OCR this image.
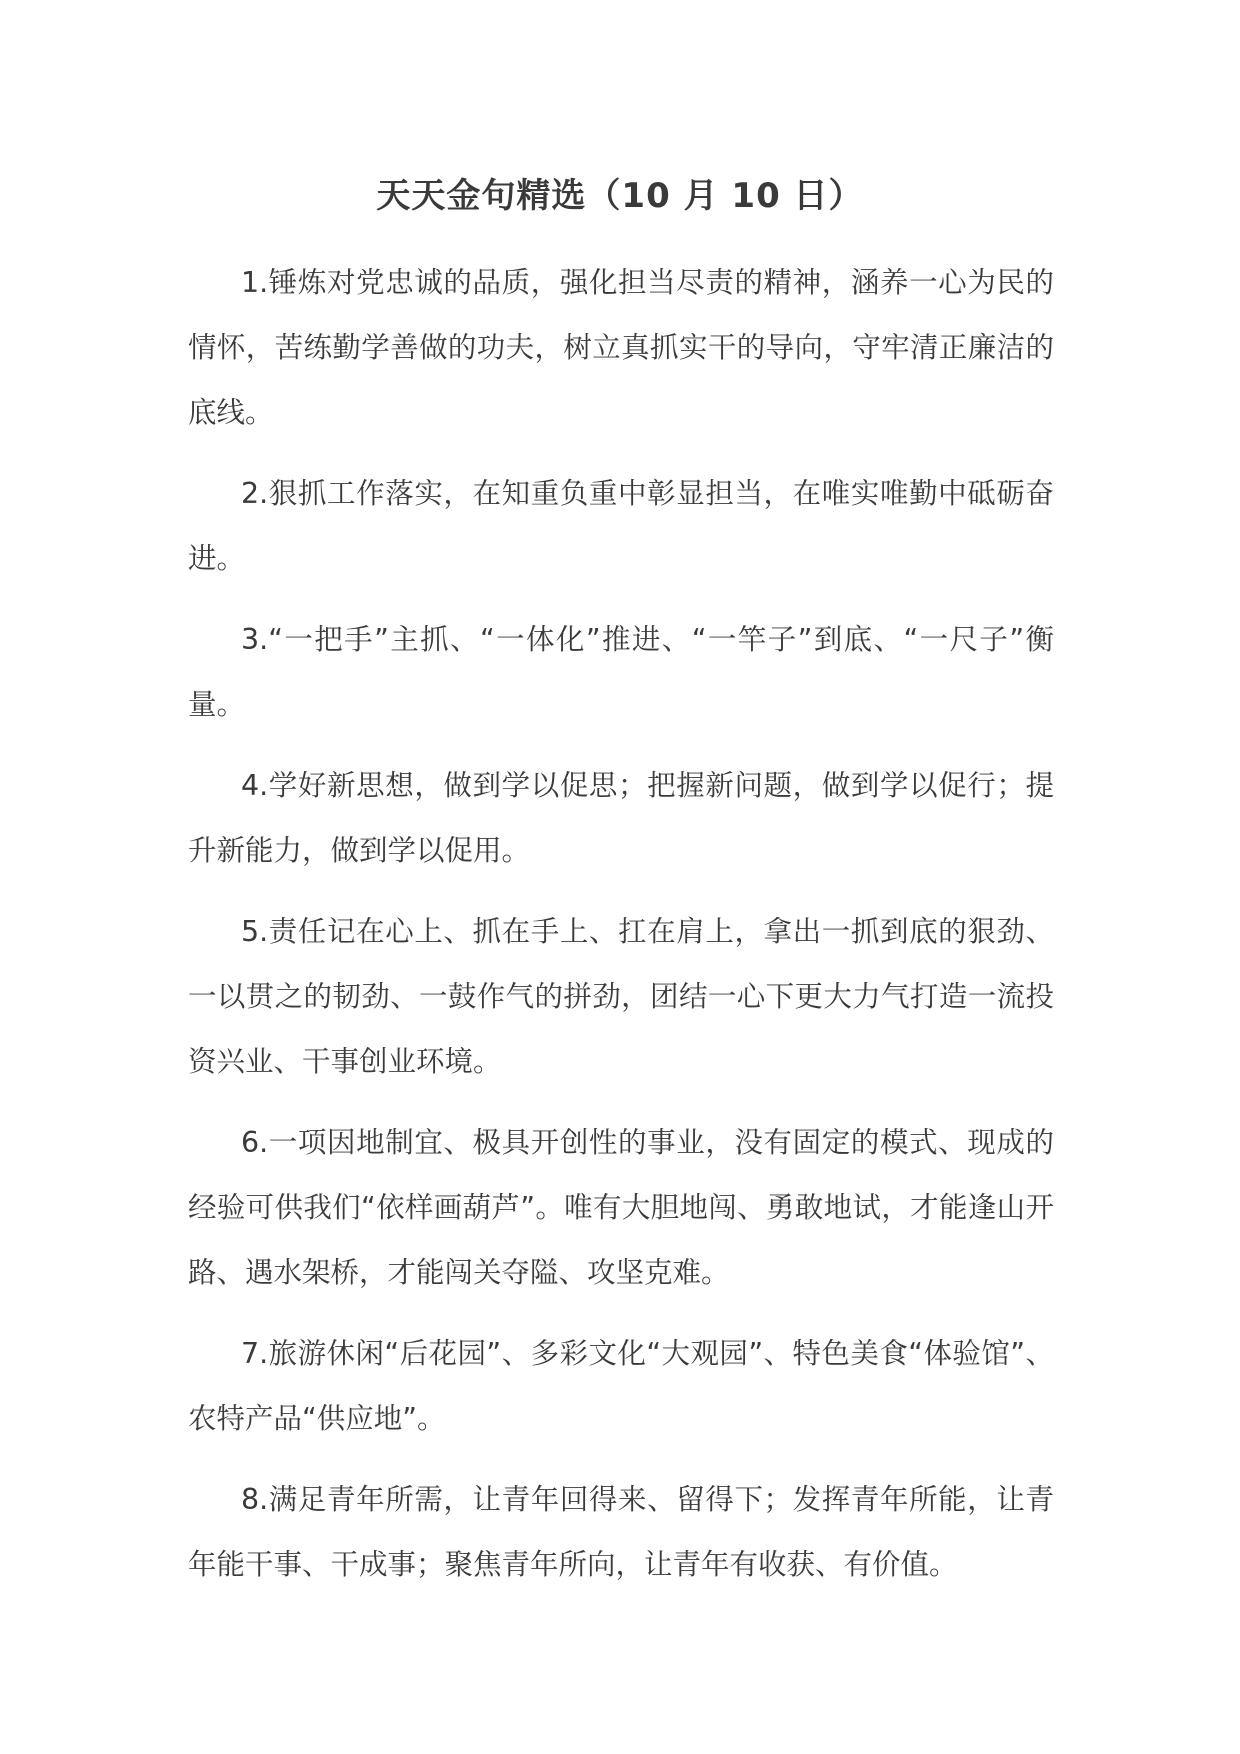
天天金句精选（10 月 10 日）

1.锤炼对党忠诚的品质，强化担当尽责的精神，涵养一心为民的情怀，苦练勤学善做的功夫，树立真抓实干的导向，守牢清正廉洁的底线。

2.狠抓工作落实，在知重负重中彰显担当，在唯实唯勤中砥砺奋进。

3.“一把手”主抓、“一体化”推进、“一竿子”到底、“一尺子”衡量。

4.学好新思想，做到学以促思；把握新问题，做到学以促行；提升新能力，做到学以促用。

5.责任记在心上、抓在手上、扛在肩上，拿出一抓到底的狠劲、一以贯之的韧劲、一鼓作气的拼劲，团结一心下更大力气打造一流投资兴业、干事创业环境。

6.一项因地制宜、极具开创性的事业，没有固定的模式、现成的经验可供我们“依样画葫芦”。唯有大胆地闯、勇敢地试，才能逢山开路、遇水架桥，才能闯关夺隘、攻坚克难。

7.旅游休闲“后花园”、多彩文化“大观园”、特色美食“体验馆”、农特产品“供应地”。

8.满足青年所需，让青年回得来、留得下；发挥青年所能，让青年能干事、干成事；聚焦青年所向，让青年有收获、有价值。
